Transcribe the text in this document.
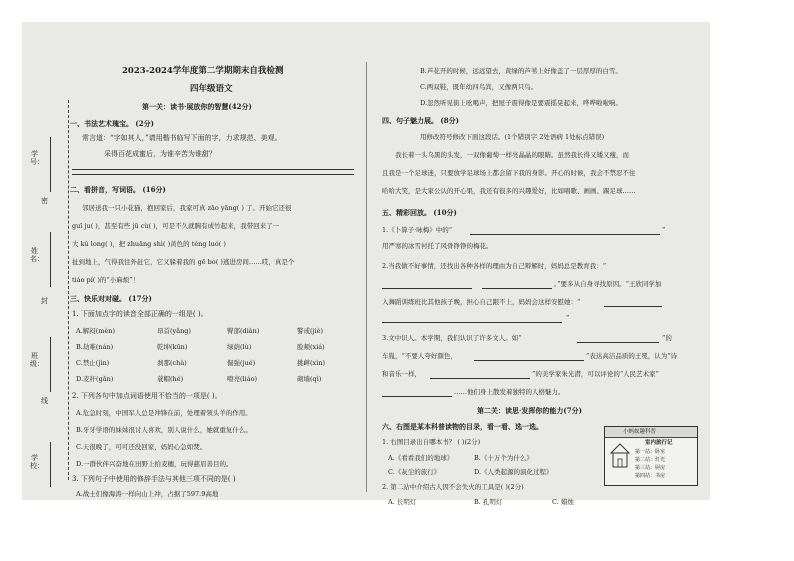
学号：
姓名：
班级：
学校：
密
封
线
2023-2024学年度第二学期期末自我检测
四年级语文
第一关：读书·展放你的智慧(42分)
一、书法艺术瑰宝。 (2分)
常言道：“字如其人，”请用楷书临写下面的字，力求规范、美观。
采得百花成蜜后，为谁辛苦为谁甜？
二、看拼音，写词语。 (16分)
邻居送我一只小花猫，抱回家后，我家可真 zāo yāng( ) 了。开始它还很
guī ju( )，甚至有些 jū cù( )，可是不久就胸有成竹起来，我带回来了一
大 kǔ long( )，把 zhuāng shì( )黄色的 téng luó( )
扯到地上，气得我往外赶它，它又躲着我的 gē bo( )逃进房间……哎，真是个
tiáo pí( )的“小麻烦”！
三、快乐对对碰。 (17分)
1. 下面加点字的读音全部正确的一组是( )。
A.解闷(mèn)	昂首(yǎng)	臀部(diàn)	警戒(jiè)
B.劫难(nán)	乾坤(kūn)	绿荫(lù)	脸颊(xiá)
C.禁止(jìn)	刹那(chà)	倔强(jué)	挑衅(xìn)
D.麦秆(gǎn)	蓑帽(hé)	嘹亮(liáo)	砌墙(qì)
2. 下列各句中加点词语使用不恰当的一项是( )。
A.危急时刻，中国军人总是冲锋在前，处理着领头羊的作用。
B.牙牙学语的妹妹很讨人喜欢，别人说什么，她就重复什么。
C.天很晚了，可可还没回家，妈妈心急如焚。
D.一群伙伴兴奋地在田野上拾麦穗，玩得慈眉善目的。
3. 下列句子中使用的修辞手法与其他三项不同的是( )
A.战士们像海涛一样向山上冲，占据了597.9高地
B.芦花开的时候，远远望去，黄绿的芦苇上好像盖了一层厚厚的白雪。
C.两双鞋，既年幼四鸟宾，又像两只鸟。
D.忽然听见街上吆喝声，把屋子震得像是要震摇晃起来，哗哗啦啦响。
四、句子魅力展。 (8分)
用修改符号修改下面这段话。(1个错别字 2处语病 1处标点错误)
我长着一头乌黑的头发，一双像葡萄一样亮晶晶的眼睛。虽然我长得又矮又瘦，而
且我是一个足球迷，只要放学足球场上都会留下我的身影。开心的时候，我会不禁忍不住
哈哈大笑，是大家公认的开心果，我还有很多的兴趣爱好，比如唱歌、画画、踢足球……
五、精彩回放。 (10分)
1.《卜算子·咏梅》中的“	”
用严寒的冰雪衬托了风骨铮铮的梅花。
2.当我做不好事情，还找出各种各样的理由为自己辩解时，妈妈总是教育我：“
。”要多从自身寻找原因。“王欣同学加
入舞蹈训练班比其他孩子晚，担心自己跟不上，妈妈会这样安慰她：“
”
3.文中识人。本学期，我们认识了许多文人。如“	”的
车胤，“不要人夸好颜色，	”表达高洁品质的王冕，认为“诗
和音乐一样，	”的美学家朱光潜，可以评论的“人民艺术家”
……他们身上散发着独特的人格魅力。
第二关：读思·发挥你的能力(7分)
六、右图是某本科普读物的目录，看一看、选一选。
1. 右图目录出自哪本书？ ( )(2分)
A.《看看我们的地球》	B.《十万个为什么》
C.《灰尘的旅行》	D.《人类起源的演化过程》
2. 第二站中介绍古人因不会失火的工具是( )(2分)
A. 长明灯	B. 孔明灯	C. 蜡烛
小蚂蚁趣科普
室内旅行记
第一站：卧室
第二站：灯光
第三站：厨房
第四站：书房
